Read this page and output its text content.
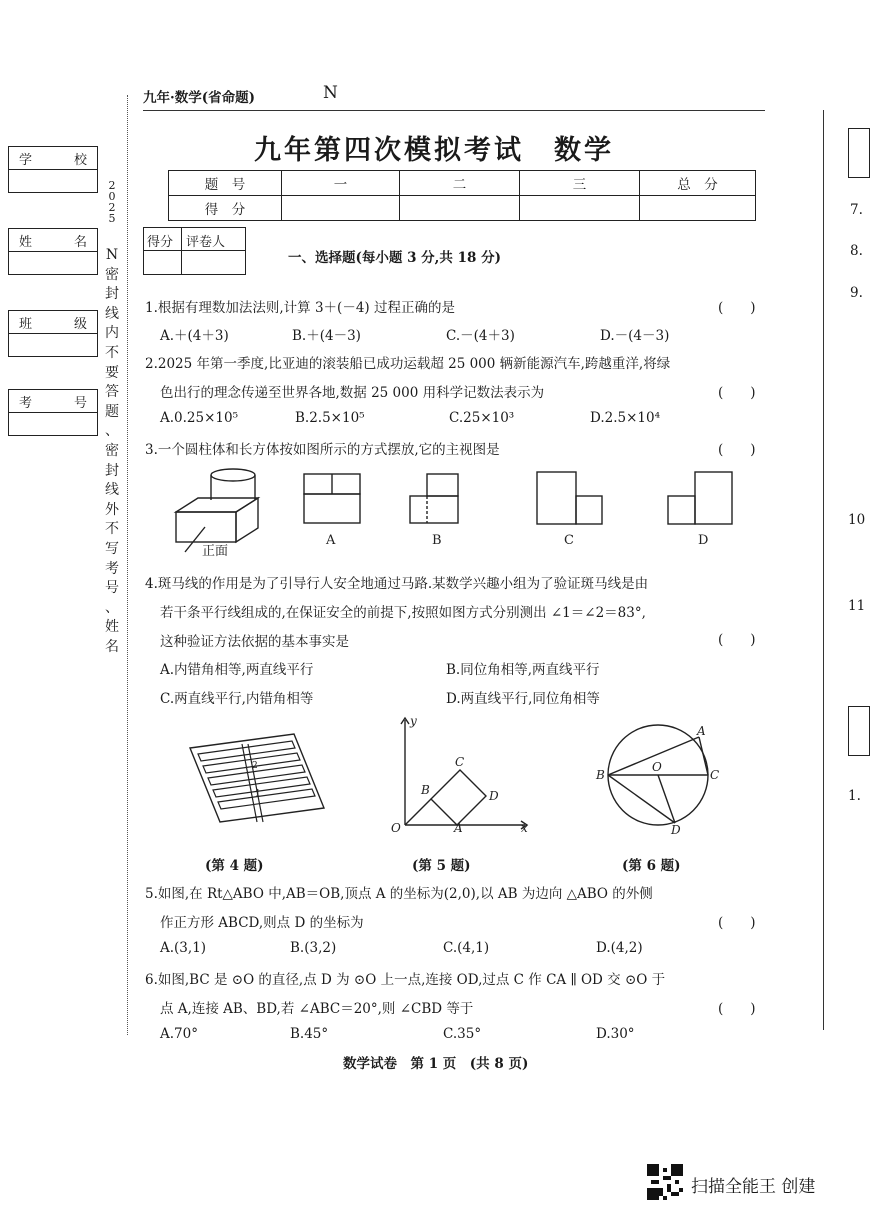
九年·数学(省命题)	N
学	校
姓	名
班	级
考	号
2
0
2
5
N
密
封
线
内
不
要
答
题
、
密
封
线
外
不
写
考
号
、
姓
名
九年第四次模拟考试　数学
题　号	一	二	三	总　分
得　分				
得分 评卷人
一、选择题(每小题 3 分,共 18 分)
1.根据有理数加法法则,计算 3＋(－4) 过程正确的是	(　　)
A.＋(4＋3)	B.＋(4－3)	C.－(4＋3)	D.－(4－3)
2.2025 年第一季度,比亚迪的滚装船已成功运载超 25 000 辆新能源汽车,跨越重洋,将绿
色出行的理念传递至世界各地,数据 25 000 用科学记数法表示为	(　　)
A.0.25×10⁵	B.2.5×10⁵	C.25×10³	D.2.5×10⁴
3.一个圆柱体和长方体按如图所示的方式摆放,它的主视图是	(　　)
正面
A	B	C	D
4.斑马线的作用是为了引导行人安全地通过马路.某数学兴趣小组为了验证斑马线是由
若干条平行线组成的,在保证安全的前提下,按照如图方式分别测出 ∠1＝∠2＝83°,
这种验证方法依据的基本事实是	(　　)
A.内错角相等,两直线平行	B.同位角相等,两直线平行
C.两直线平行,内错角相等	D.两直线平行,同位角相等
2
1
y
x
O	A
B
C
D
A
B
O
C
D
(第 4 题)	(第 5 题)	(第 6 题)
5.如图,在 Rt△ABO 中,AB＝OB,顶点 A 的坐标为(2,0),以 AB 为边向 △ABO 的外侧
作正方形 ABCD,则点 D 的坐标为	(　　)
A.(3,1)	B.(3,2)	C.(4,1)	D.(4,2)
6.如图,BC 是 ⊙O 的直径,点 D 为 ⊙O 上一点,连接 OD,过点 C 作 CA ∥ OD 交 ⊙O 于
点 A,连接 AB、BD,若 ∠ABC＝20°,则 ∠CBD 等于	(　　)
A.70°	B.45°	C.35°	D.30°
数学试卷　第 1 页　(共 8 页)
7.
8.
9.
10
11
1.
扫描全能王 创建
